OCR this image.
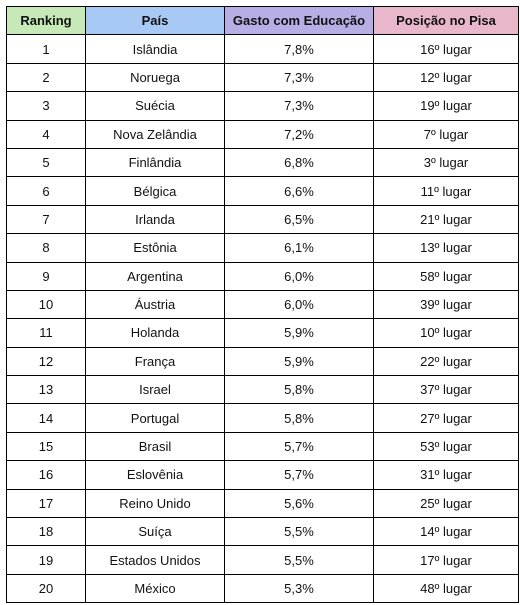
Ranking	País	Gasto com Educação	Posição no Pisa
1	Islândia	7,8%	16º lugar
2	Noruega	7,3%	12º lugar
3	Suécia	7,3%	19º lugar
4	Nova Zelândia	7,2%	7º lugar
5	Finlândia	6,8%	3º lugar
6	Bélgica	6,6%	11º lugar
7	Irlanda	6,5%	21º lugar
8	Estônia	6,1%	13º lugar
9	Argentina	6,0%	58º lugar
10	Áustria	6,0%	39º lugar
11	Holanda	5,9%	10º lugar
12	França	5,9%	22º lugar
13	Israel	5,8%	37º lugar
14	Portugal	5,8%	27º lugar
15	Brasil	5,7%	53º lugar
16	Eslovênia	5,7%	31º lugar
17	Reino Unido	5,6%	25º lugar
18	Suíça	5,5%	14º lugar
19	Estados Unidos	5,5%	17º lugar
20	México	5,3%	48º lugar
